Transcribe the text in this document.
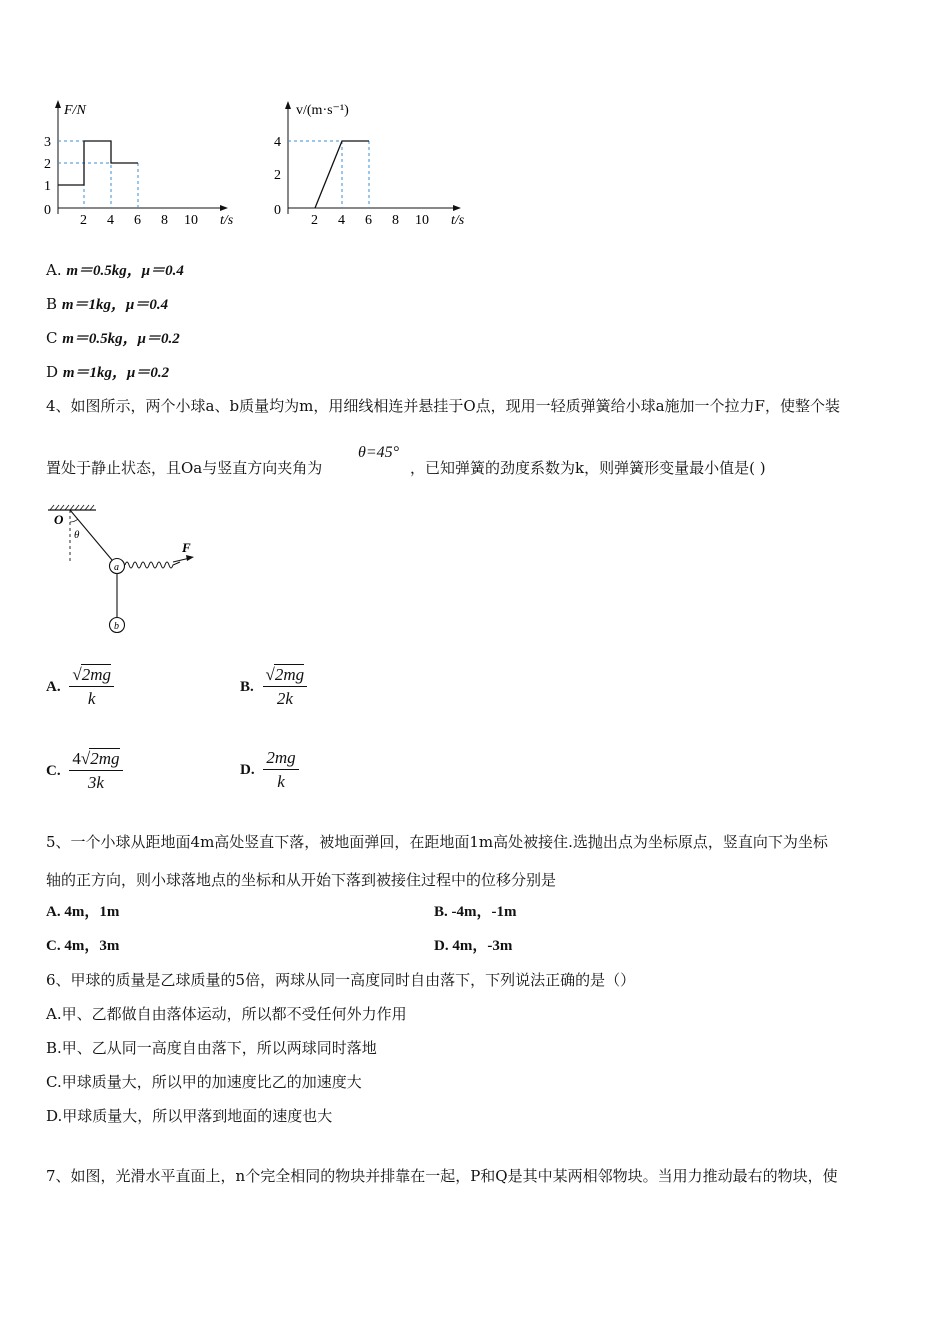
F/N
0
1
2
3
2 4 6 8 10 t/s
v/(m·s⁻¹)
0
2
4
2 4 6 8 10 t/s
A. m＝0.5kg，μ＝0.4
B m＝1kg，μ＝0.4
C m＝0.5kg，μ＝0.2
D m＝1kg，μ＝0.2
4、如图所示，两个小球a、b质量均为m，用细线相连并悬挂于O点，现用一轻质弹簧给小球a施加一个拉力F，使整个装
置处于静止状态，且Oa与竖直方向夹角为
θ=45°
，已知弹簧的劲度系数为k，则弹簧形变量最小值是( )
O
θ
a
b
F
A. $\frac{√2mg}{k}$	B. $\frac{√2mg}{2k}$
C. $\frac{4√2mg}{3k}$	D. $\frac{2mg}{k}$
5、一个小球从距地面4m高处竖直下落，被地面弹回，在距地面1m高处被接住.选抛出点为坐标原点，竖直向下为坐标
轴的正方向，则小球落地点的坐标和从开始下落到被接住过程中的位移分别是
A. 4m，1m	B. -4m，-1m
C. 4m，3m	D. 4m，-3m
6、甲球的质量是乙球质量的5倍，两球从同一高度同时自由落下，下列说法正确的是（）
A.甲、乙都做自由落体运动，所以都不受任何外力作用
B.甲、乙从同一高度自由落下，所以两球同时落地
C.甲球质量大，所以甲的加速度比乙的加速度大
D.甲球质量大，所以甲落到地面的速度也大
7、如图，光滑水平直面上，n个完全相同的物块并排靠在一起，P和Q是其中某两相邻物块。当用力推动最右的物块，使
